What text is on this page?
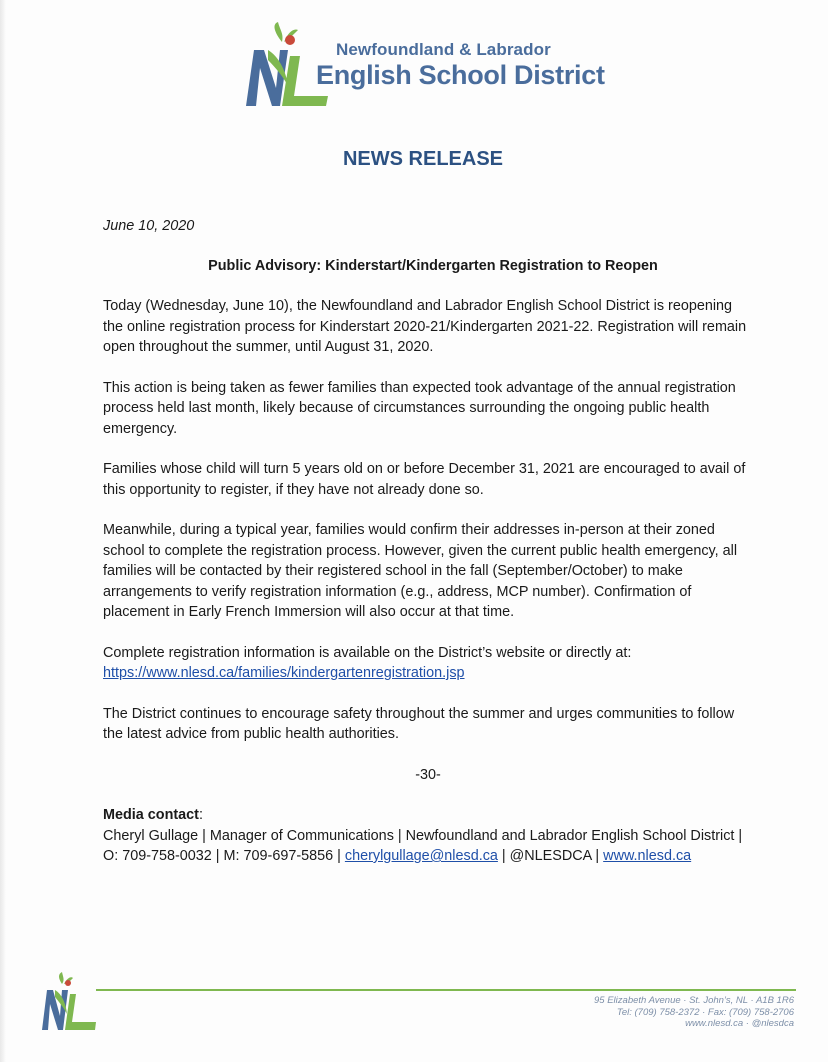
Newfoundland & Labrador
English School District
NEWS RELEASE
June 10, 2020
Public Advisory: Kinderstart/Kindergarten Registration to Reopen

Today (Wednesday, June 10), the Newfoundland and Labrador English School District is reopening the online registration process for Kinderstart 2020-21/Kindergarten 2021-22. Registration will remain open throughout the summer, until August 31, 2020.

This action is being taken as fewer families than expected took advantage of the annual registration process held last month, likely because of circumstances surrounding the ongoing public health emergency.

Families whose child will turn 5 years old on or before December 31, 2021 are encouraged to avail of this opportunity to register, if they have not already done so.

Meanwhile, during a typical year, families would confirm their addresses in-person at their zoned school to complete the registration process. However, given the current public health emergency, all families will be contacted by their registered school in the fall (September/October) to make arrangements to verify registration information (e.g., address, MCP number). Confirmation of placement in Early French Immersion will also occur at that time.

Complete registration information is available on the District’s website or directly at:
https://www.nlesd.ca/families/kindergartenregistration.jsp

The District continues to encourage safety throughout the summer and urges communities to follow the latest advice from public health authorities.

-30-
Media contact:
Cheryl Gullage | Manager of Communications | Newfoundland and Labrador English School District |
O: 709-758-0032 | M: 709-697-5856 | cherylgullage@nlesd.ca | @NLESDCA | www.nlesd.ca
95 Elizabeth Avenue · St. John’s, NL · A1B 1R6
Tel: (709) 758-2372 · Fax: (709) 758-2706
www.nlesd.ca · @nlesdca
